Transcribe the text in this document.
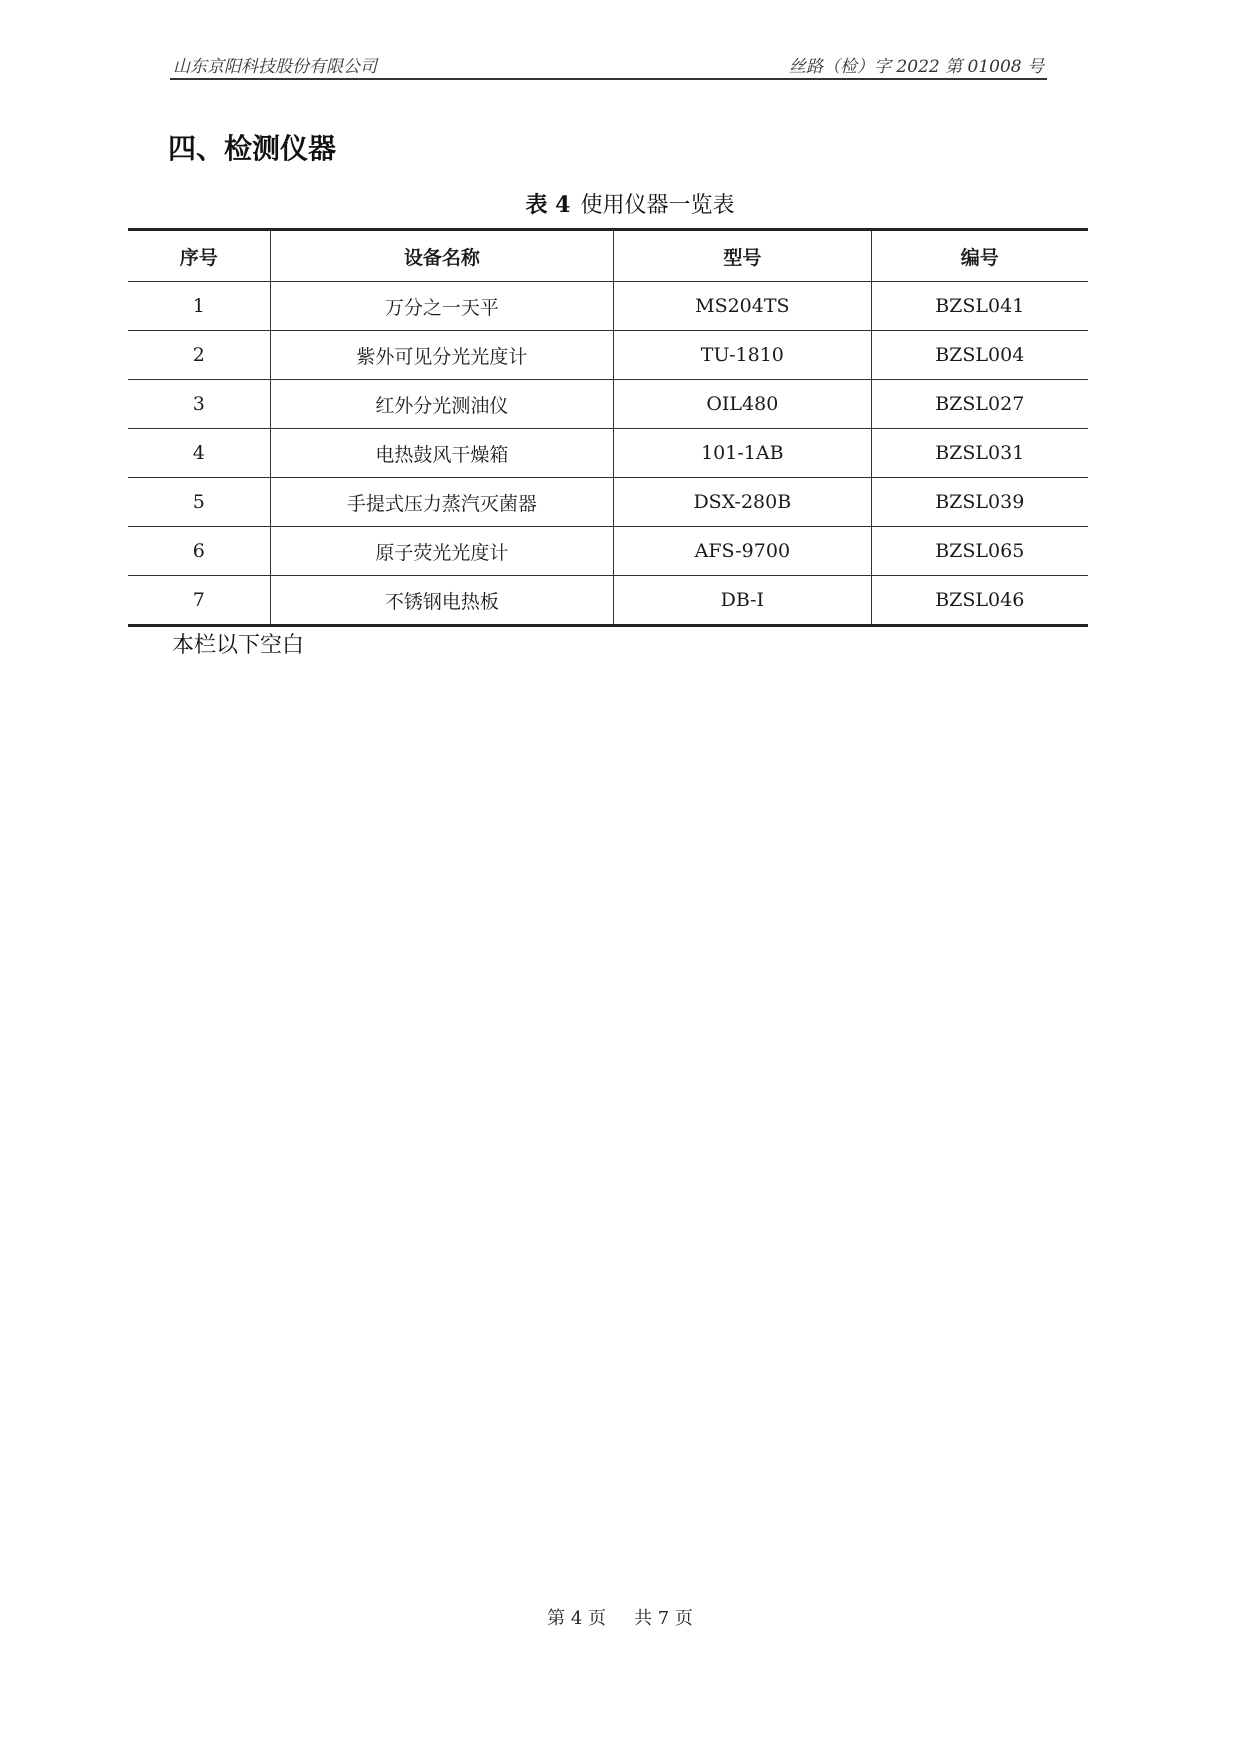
山东京阳科技股份有限公司	丝路（检）字 2022 第 01008 号
四、检测仪器
表 4 使用仪器一览表
序号	设备名称	型号	编号
1	万分之一天平	MS204TS	BZSL041
2	紫外可见分光光度计	TU-1810	BZSL004
3	红外分光测油仪	OIL480	BZSL027
4	电热鼓风干燥箱	101-1AB	BZSL031
5	手提式压力蒸汽灭菌器	DSX-280B	BZSL039
6	原子荧光光度计	AFS-9700	BZSL065
7	不锈钢电热板	DB-I	BZSL046
本栏以下空白
第 4 页 共 7 页
